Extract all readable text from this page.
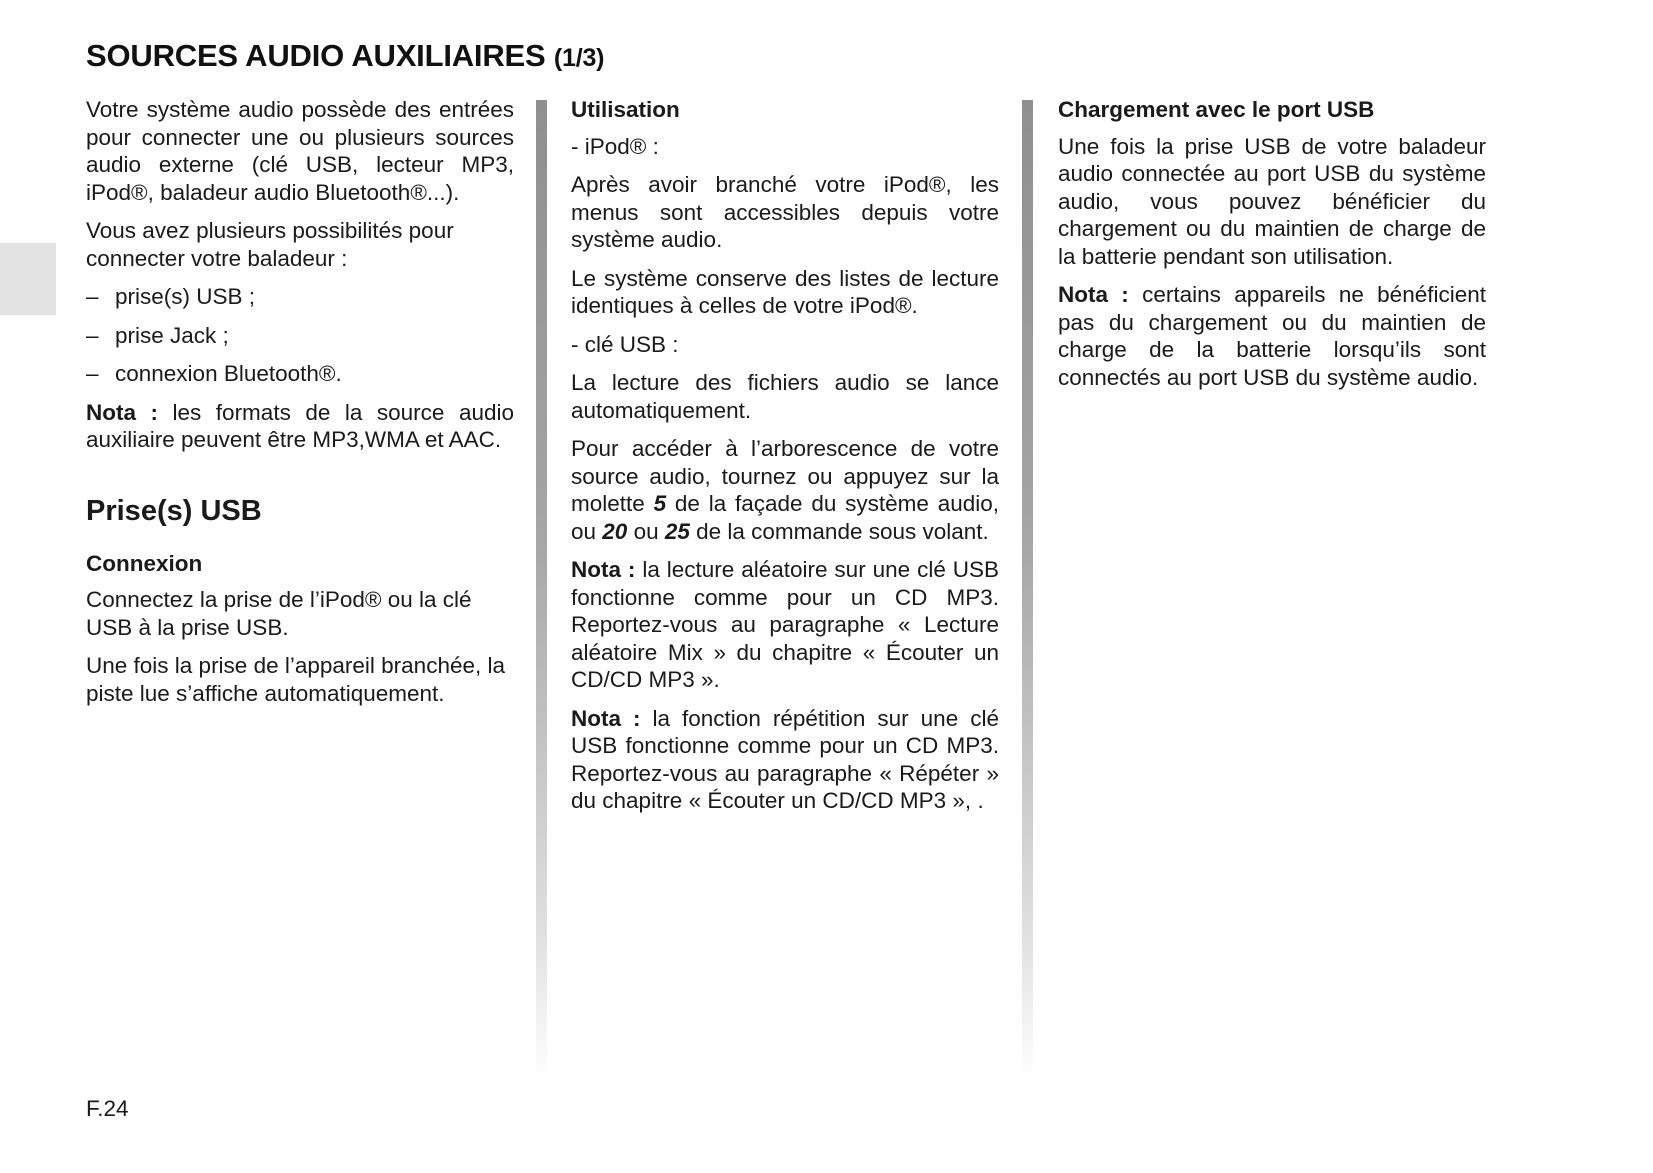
SOURCES AUDIO AUXILIAIRES (1/3)

Votre système audio possède des entrées pour connecter une ou plusieurs sources audio externe (clé USB, lecteur MP3, iPod®, baladeur audio Bluetooth®...).

Vous avez plusieurs possibilités pour connecter votre baladeur :

– prise(s) USB ;
– prise Jack ;
– connexion Bluetooth®.

Nota : les formats de la source audio auxiliaire peuvent être MP3,WMA et AAC.

Prise(s) USB
Connexion

Connectez la prise de l’iPod® ou la clé USB à la prise USB.

Une fois la prise de l’appareil branchée, la piste lue s’affiche automatiquement.

Utilisation

- iPod® :

Après avoir branché votre iPod®, les menus sont accessibles depuis votre système audio.

Le système conserve des listes de lecture identiques à celles de votre iPod®.

- clé USB :

La lecture des fichiers audio se lance automatiquement.

Pour accéder à l’arborescence de votre source audio, tournez ou appuyez sur la molette 5 de la façade du système audio, ou 20 ou 25 de la commande sous volant.

Nota : la lecture aléatoire sur une clé USB fonctionne comme pour un CD MP3. Reportez-vous au paragraphe « Lecture aléatoire Mix » du chapitre « Écouter un CD/CD MP3 ».

Nota : la fonction répétition sur une clé USB fonctionne comme pour un CD MP3. Reportez-vous au paragraphe « Répéter » du chapitre « Écouter un CD/CD MP3 », .

Chargement avec le port USB

Une fois la prise USB de votre baladeur audio connectée au port USB du système audio, vous pouvez bénéficier du chargement ou du maintien de charge de la batterie pendant son utilisation.

Nota : certains appareils ne bénéficient pas du chargement ou du maintien de charge de la batterie lorsqu’ils sont connectés au port USB du système audio.

F.24
